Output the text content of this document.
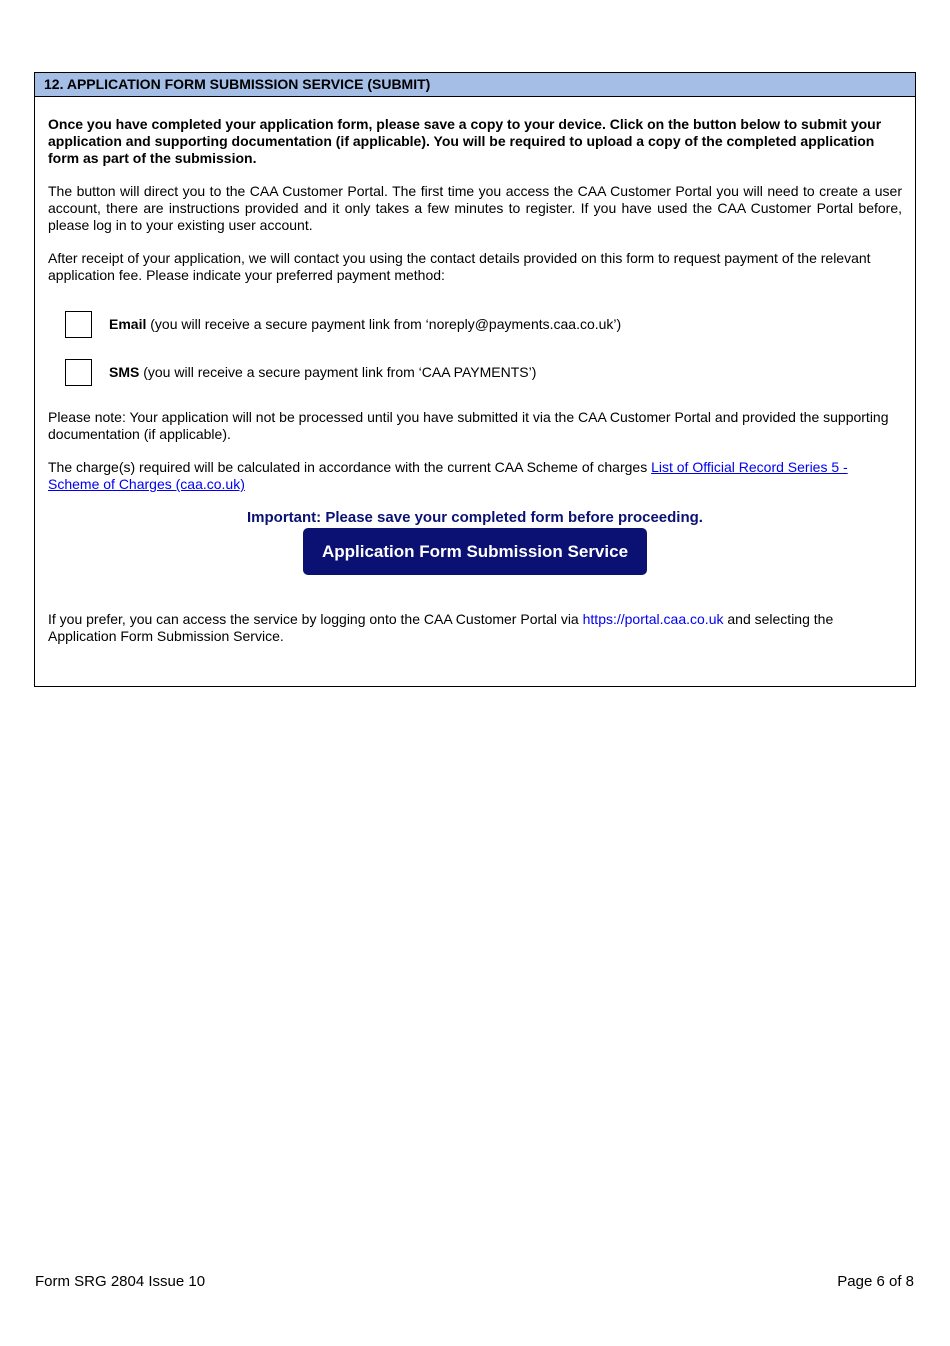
12. APPLICATION FORM SUBMISSION SERVICE (SUBMIT)

Once you have completed your application form, please save a copy to your device. Click on the button below to submit your application and supporting documentation (if applicable). You will be required to upload a copy of the completed application form as part of the submission.

The button will direct you to the CAA Customer Portal. The first time you access the CAA Customer Portal you will need to create a user account, there are instructions provided and it only takes a few minutes to register. If you have used the CAA Customer Portal before, please log in to your existing user account.

After receipt of your application, we will contact you using the contact details provided on this form to request payment of the relevant application fee. Please indicate your preferred payment method:

Email (you will receive a secure payment link from ‘noreply@payments.caa.co.uk’)
SMS (you will receive a secure payment link from ‘CAA PAYMENTS’)

Please note: Your application will not be processed until you have submitted it via the CAA Customer Portal and provided the supporting documentation (if applicable).

The charge(s) required will be calculated in accordance with the current CAA Scheme of charges List of Official Record Series 5 - Scheme of Charges (caa.co.uk)

Important: Please save your completed form before proceeding.
Application Form Submission Service

If you prefer, you can access the service by logging onto the CAA Customer Portal via https://portal.caa.co.uk and selecting the Application Form Submission Service.

Form SRG 2804 Issue 10	Page 6 of 8
